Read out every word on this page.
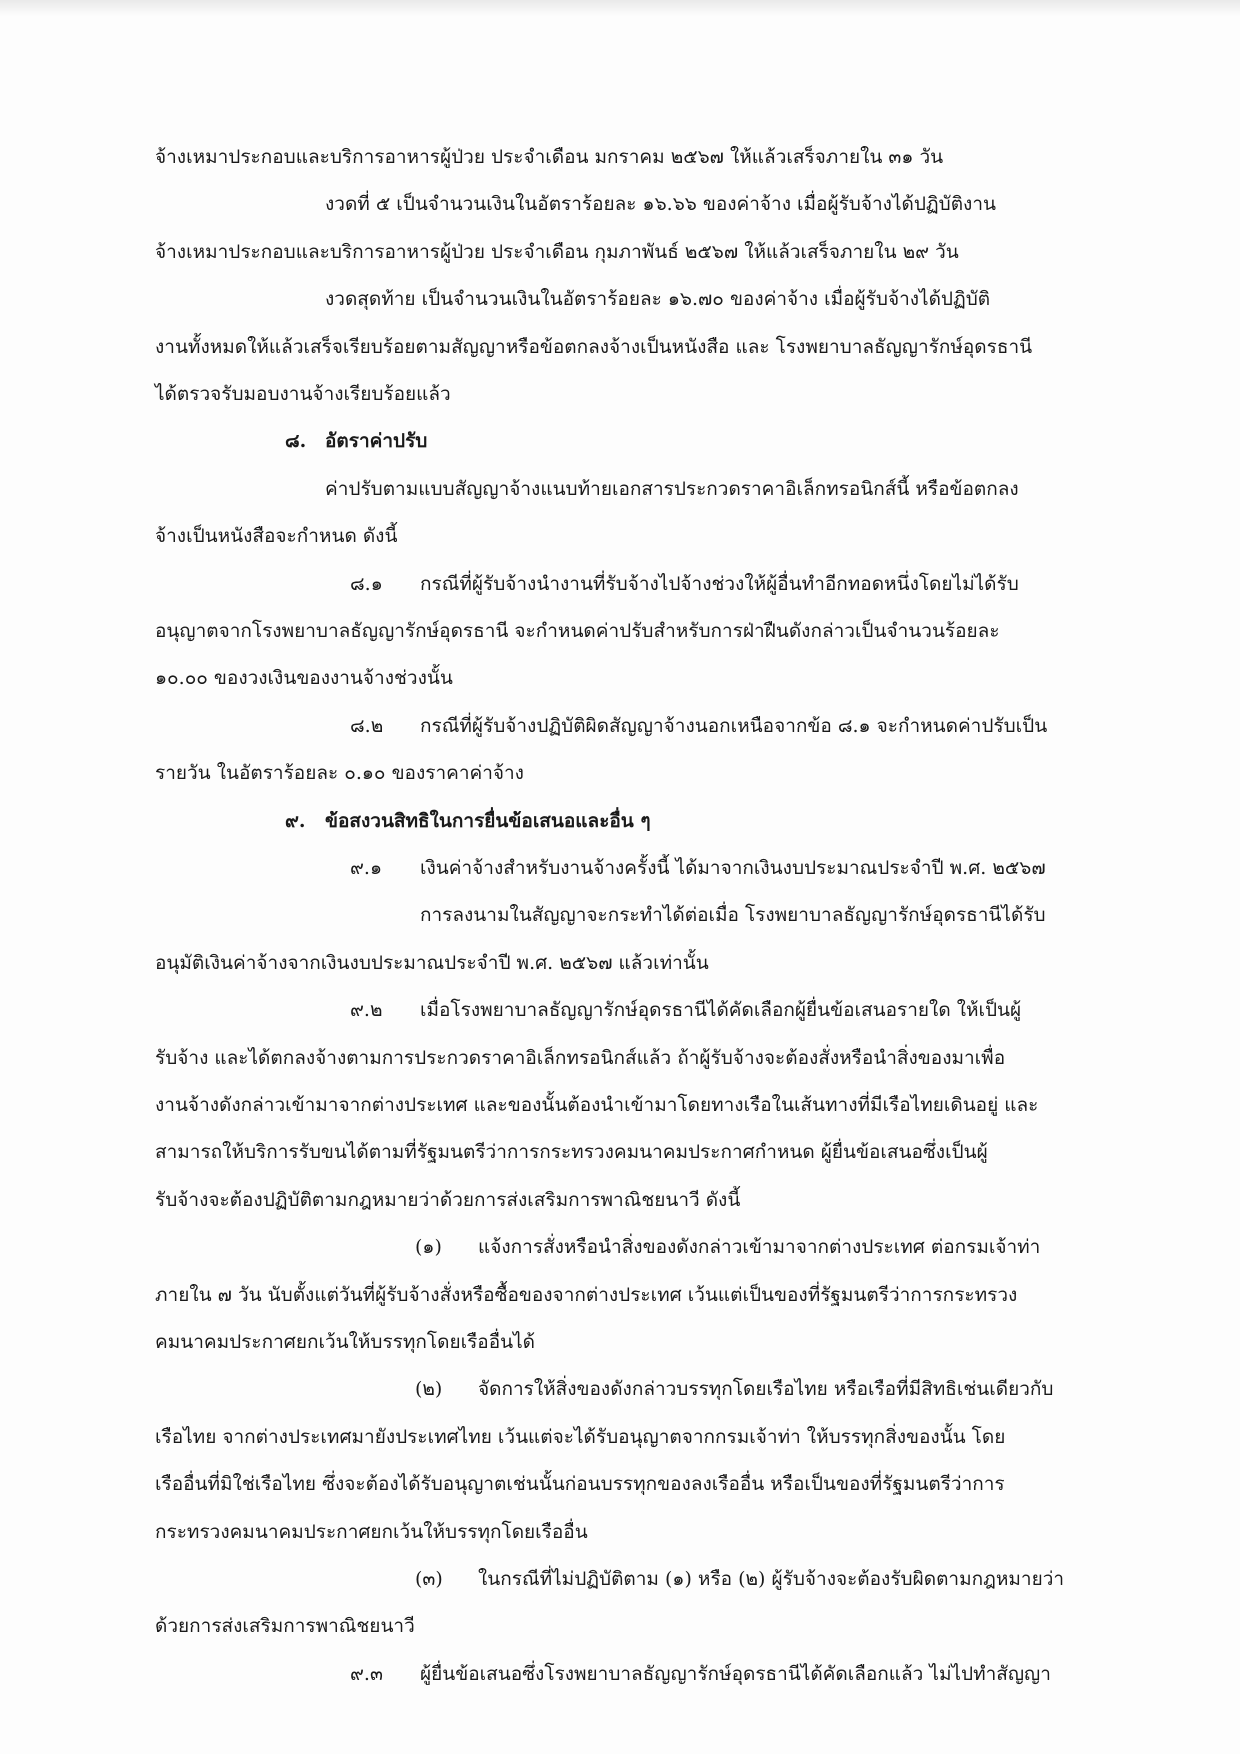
จ้างเหมาประกอบและบริการอาหารผู้ป่วย ประจำเดือน มกราคม ๒๕๖๗ ให้แล้วเสร็จภายใน ๓๑ วัน

งวดที่ ๕ เป็นจำนวนเงินในอัตราร้อยละ ๑๖.๖๖ ของค่าจ้าง เมื่อผู้รับจ้างได้ปฏิบัติงาน

จ้างเหมาประกอบและบริการอาหารผู้ป่วย ประจำเดือน กุมภาพันธ์ ๒๕๖๗ ให้แล้วเสร็จภายใน ๒๙ วัน

งวดสุดท้าย เป็นจำนวนเงินในอัตราร้อยละ ๑๖.๗๐ ของค่าจ้าง เมื่อผู้รับจ้างได้ปฏิบัติ

งานทั้งหมดให้แล้วเสร็จเรียบร้อยตามสัญญาหรือข้อตกลงจ้างเป็นหนังสือ และ โรงพยาบาลธัญญารักษ์อุดรธานี

ได้ตรวจรับมอบงานจ้างเรียบร้อยแล้ว

๘. อัตราค่าปรับ

ค่าปรับตามแบบสัญญาจ้างแนบท้ายเอกสารประกวดราคาอิเล็กทรอนิกส์นี้ หรือข้อตกลง

จ้างเป็นหนังสือจะกำหนด ดังนี้

๘.๑ กรณีที่ผู้รับจ้างนำงานที่รับจ้างไปจ้างช่วงให้ผู้อื่นทำอีกทอดหนึ่งโดยไม่ได้รับ

อนุญาตจากโรงพยาบาลธัญญารักษ์อุดรธานี จะกำหนดค่าปรับสำหรับการฝ่าฝืนดังกล่าวเป็นจำนวนร้อยละ

๑๐.๐๐ ของวงเงินของงานจ้างช่วงนั้น

๘.๒ กรณีที่ผู้รับจ้างปฏิบัติผิดสัญญาจ้างนอกเหนือจากข้อ ๘.๑ จะกำหนดค่าปรับเป็น

รายวัน ในอัตราร้อยละ ๐.๑๐ ของราคาค่าจ้าง

๙. ข้อสงวนสิทธิในการยื่นข้อเสนอและอื่น ๆ

๙.๑ เงินค่าจ้างสำหรับงานจ้างครั้งนี้ ได้มาจากเงินงบประมาณประจำปี พ.ศ. ๒๕๖๗

การลงนามในสัญญาจะกระทำได้ต่อเมื่อ โรงพยาบาลธัญญารักษ์อุดรธานีได้รับ

อนุมัติเงินค่าจ้างจากเงินงบประมาณประจำปี พ.ศ. ๒๕๖๗ แล้วเท่านั้น

๙.๒ เมื่อโรงพยาบาลธัญญารักษ์อุดรธานีได้คัดเลือกผู้ยื่นข้อเสนอรายใด ให้เป็นผู้

รับจ้าง และได้ตกลงจ้างตามการประกวดราคาอิเล็กทรอนิกส์แล้ว ถ้าผู้รับจ้างจะต้องสั่งหรือนำสิ่งของมาเพื่อ

งานจ้างดังกล่าวเข้ามาจากต่างประเทศ และของนั้นต้องนำเข้ามาโดยทางเรือในเส้นทางที่มีเรือไทยเดินอยู่ และ

สามารถให้บริการรับขนได้ตามที่รัฐมนตรีว่าการกระทรวงคมนาคมประกาศกำหนด ผู้ยื่นข้อเสนอซึ่งเป็นผู้

รับจ้างจะต้องปฏิบัติตามกฎหมายว่าด้วยการส่งเสริมการพาณิชยนาวี ดังนี้

(๑) แจ้งการสั่งหรือนำสิ่งของดังกล่าวเข้ามาจากต่างประเทศ ต่อกรมเจ้าท่า

ภายใน ๗ วัน นับตั้งแต่วันที่ผู้รับจ้างสั่งหรือซื้อของจากต่างประเทศ เว้นแต่เป็นของที่รัฐมนตรีว่าการกระทรวง

คมนาคมประกาศยกเว้นให้บรรทุกโดยเรืออื่นได้

(๒) จัดการให้สิ่งของดังกล่าวบรรทุกโดยเรือไทย หรือเรือที่มีสิทธิเช่นเดียวกับ

เรือไทย จากต่างประเทศมายังประเทศไทย เว้นแต่จะได้รับอนุญาตจากกรมเจ้าท่า ให้บรรทุกสิ่งของนั้น โดย

เรืออื่นที่มิใช่เรือไทย ซึ่งจะต้องได้รับอนุญาตเช่นนั้นก่อนบรรทุกของลงเรืออื่น หรือเป็นของที่รัฐมนตรีว่าการ

กระทรวงคมนาคมประกาศยกเว้นให้บรรทุกโดยเรืออื่น

(๓) ในกรณีที่ไม่ปฏิบัติตาม (๑) หรือ (๒) ผู้รับจ้างจะต้องรับผิดตามกฎหมายว่า

ด้วยการส่งเสริมการพาณิชยนาวี

๙.๓ ผู้ยื่นข้อเสนอซึ่งโรงพยาบาลธัญญารักษ์อุดรธานีได้คัดเลือกแล้ว ไม่ไปทำสัญญา
